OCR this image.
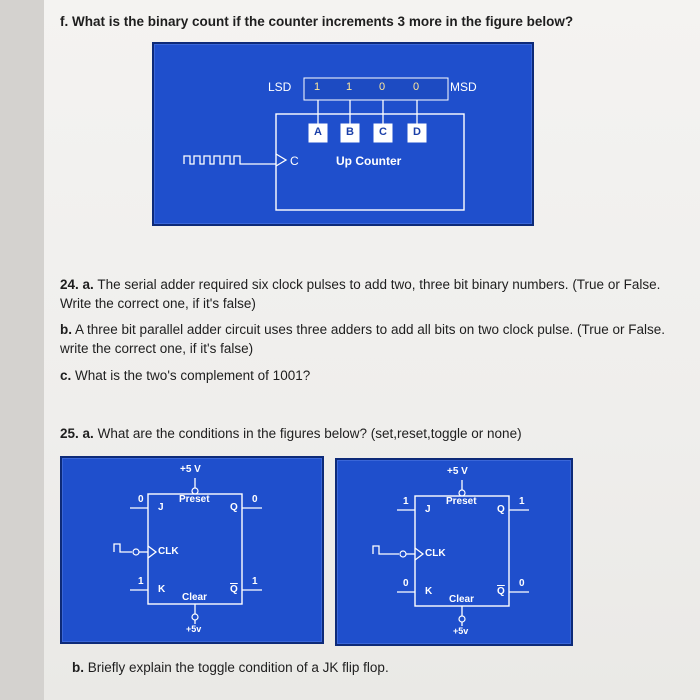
f. What is the binary count if the counter increments 3 more in the figure below?
LSD	MSD
1 1 0	0
A B C D
C	Up Counter
24. a. The serial adder required six clock pulses to add two, three bit binary numbers. (True or False.
Write the correct one, if it's false)
b. A three bit parallel adder circuit uses three adders to add all bits on two clock pulse. (True or False.
write the correct one, if it's false)
c. What is the two's complement of 1001?
25. a. What are the conditions in the figures below? (set,reset,toggle or none)
+5 V
Preset
J
K
CLK
Q
$\overline{Q}$
Clear
+5v
0
1
0
1
+5 V
Preset
J
K
CLK
Q
$\overline{Q}$
Clear
+5v
1
0
1
0
b. Briefly explain the toggle condition of a JK flip flop.
